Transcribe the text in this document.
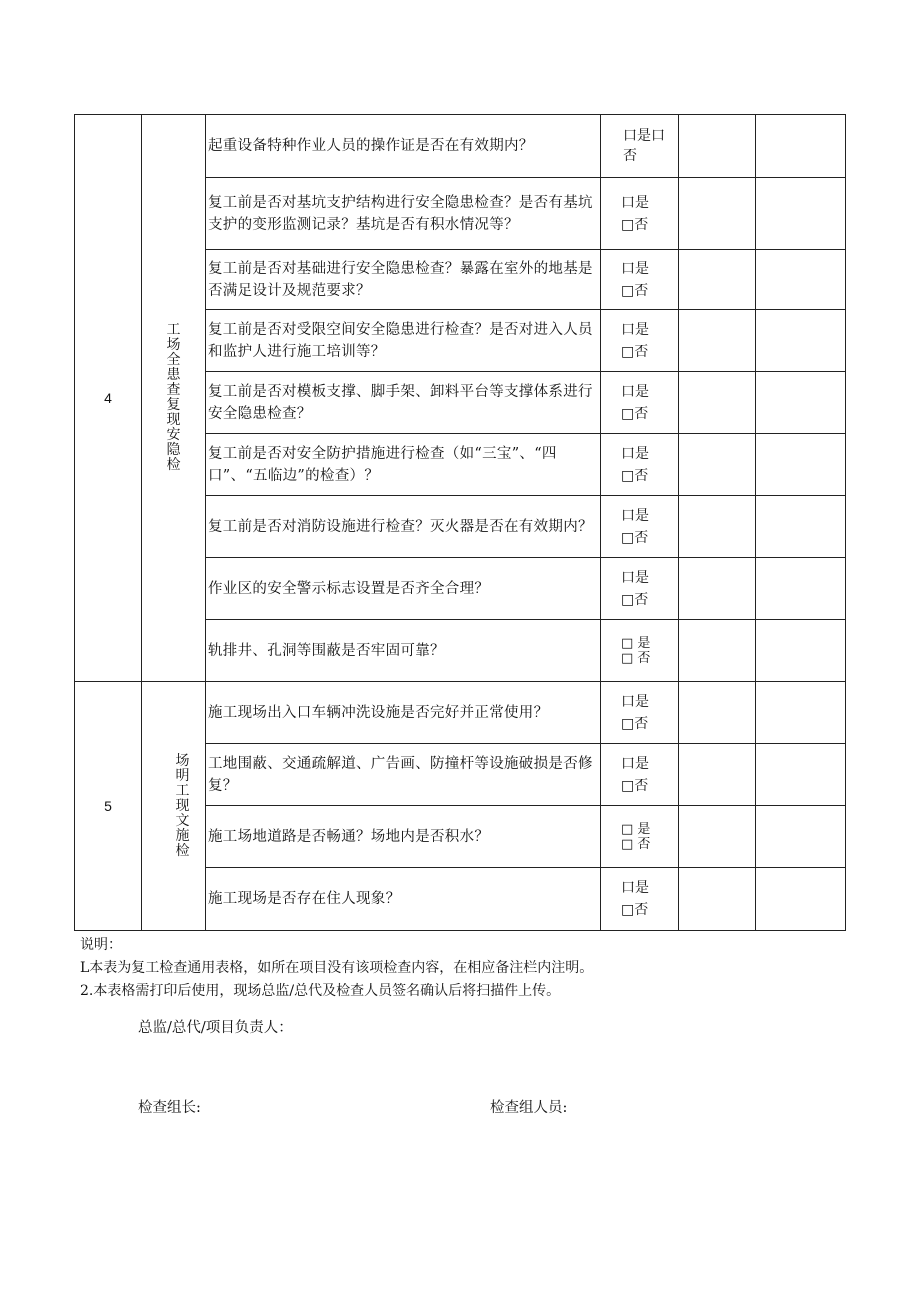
4	工场全患查复现安隐检	起重设备特种作业人员的操作证是否在有效期内？	口是口否		
		复工前是否对基坑支护结构进行安全隐患检查？是否有基坑支护的变形监测记录？基坑是否有积水情况等？	口是
□否		

		复工前是否对基础进行安全隐患检查？暴露在室外的地基是否满足设计及规范要求？	口是
□否		

		复工前是否对受限空间安全隐患进行检查？是否对进入人员和监护人进行施工培训等？	口是
□否		

		复工前是否对模板支撑、脚手架、卸料平台等支撑体系进行安全隐患检查？	口是
□否		

		复工前是否对安全防护措施进行检查（如“三宝”、“四口”、“五临边”的检查）？	口是
□否		

		复工前是否对消防设施进行检查？灭火器是否在有效期内？	口是
□否		

		作业区的安全警示标志设置是否齐全合理？	口是
□否		

		轨排井、孔洞等围蔽是否牢固可靠？	□ 是
□ 否		

5	场明工现文施检	施工现场出入口车辆冲洗设施是否完好并正常使用？	口是
□否		

		工地围蔽、交通疏解道、广告画、防撞杆等设施破损是否修复？	口是
□否		

		施工场地道路是否畅通？场地内是否积水？	□ 是
□ 否		

		施工现场是否存在住人现象？	口是
□否		

说明：
L本表为复工检查通用表格，如所在项目没有该项检查内容，在相应备注栏内注明。
2.本表格需打印后使用，现场总监/总代及检查人员签名确认后将扫描件上传。
总监/总代/项目负责人：
检查组长:	检查组人员:
